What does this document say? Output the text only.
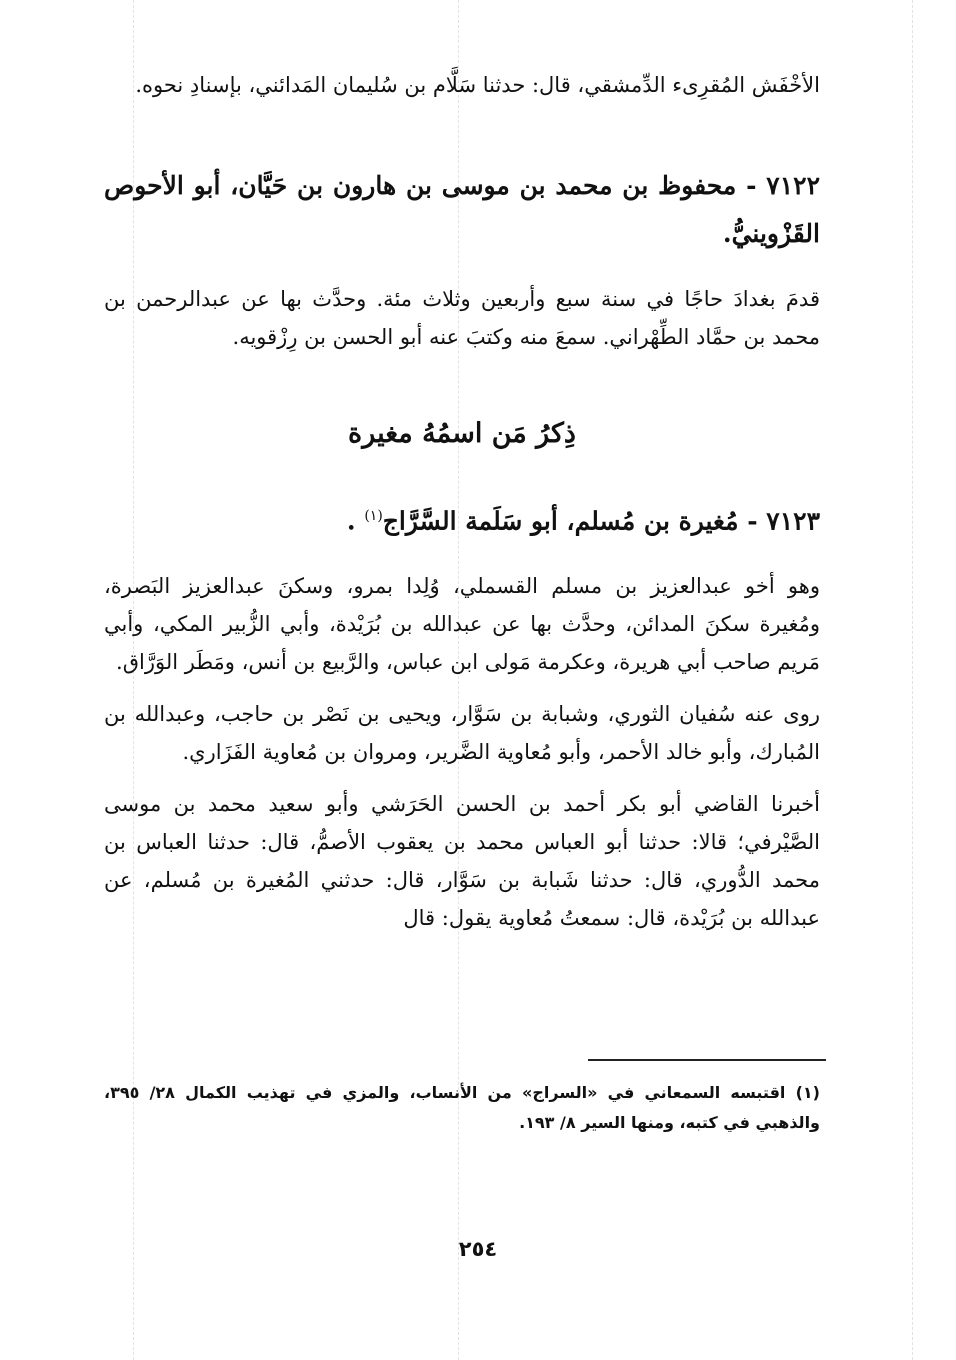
الأخْفَش المُقرِىء الدِّمشقي، قال: حدثنا سَلَّام بن سُليمان المَدائني، بإسنادِ نحوه.

٧١٢٢ - محفوظ بن محمد بن موسى بن هارون بن حَيَّان، أبو الأحوص القَزْوينيُّ.

قدمَ بغدادَ حاجًا في سنة سبع وأربعين وثلاث مئة. وحدَّث بها عن عبدالرحمن بن محمد بن حمَّاد الطِّهْراني. سمعَ منه وكتبَ عنه أبو الحسن بن رِزْقويه.

ذِكرُ مَن اسمُهُ مغيرة

٧١٢٣ - مُغيرة بن مُسلم، أبو سَلَمة السَّرَّاج$^{(١)}$ .

وهو أخو عبدالعزيز بن مسلم القسملي، وُلِدا بمرو، وسكنَ عبدالعزيز البَصرة، ومُغيرة سكنَ المدائن، وحدَّث بها عن عبدالله بن بُرَيْدة، وأبي الزُّبير المكي، وأبي مَريم صاحب أبي هريرة، وعكرمة مَولى ابن عباس، والرَّبيع بن أنس، ومَطَر الوَرَّاق.

روى عنه سُفيان الثوري، وشبابة بن سَوَّار، ويحيى بن نَصْر بن حاجب، وعبدالله بن المُبارك، وأبو خالد الأحمر، وأبو مُعاوية الضَّرير، ومروان بن مُعاوية الفَزَاري.

أخبرنا القاضي أبو بكر أحمد بن الحسن الحَرَشي وأبو سعيد محمد بن موسى الصَّيْرفي؛ قالا: حدثنا أبو العباس محمد بن يعقوب الأصمُّ، قال: حدثنا العباس بن محمد الدُّوري، قال: حدثنا شَبابة بن سَوَّار، قال: حدثني المُغيرة بن مُسلم، عن عبدالله بن بُرَيْدة، قال: سمعتُ مُعاوية يقول: قال

(١) اقتبسه السمعاني في «السراج» من الأنساب، والمزي في تهذيب الكمال ٢٨/ ٣٩٥، والذهبي في كتبه، ومنها السير ٨/ ١٩٣.

٢٥٤
